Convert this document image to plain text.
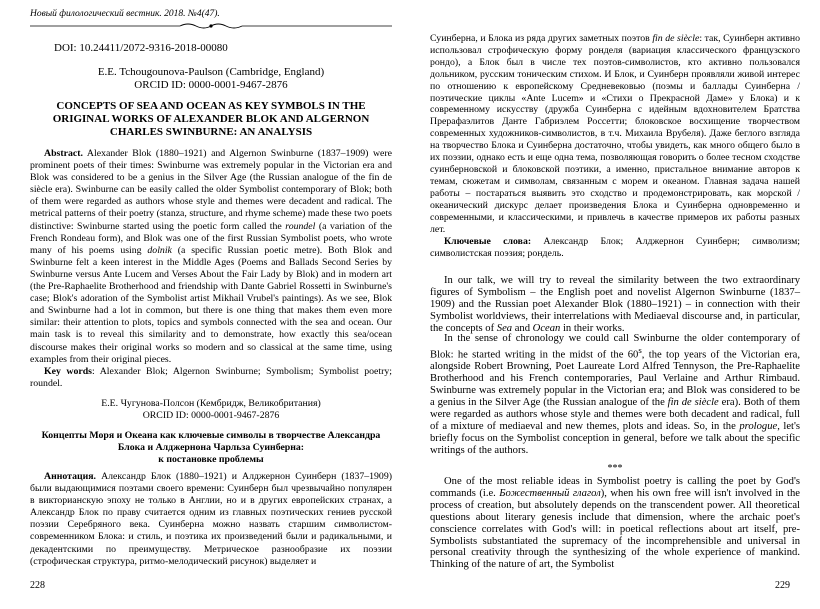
Новый филологический вестник. 2018. №4(47).
DOI: 10.24411/2072-9316-2018-00080
E.E. Tchougounova-Paulson (Cambridge, England)
ORCID ID: 0000-0001-9467-2876
CONCEPTS OF SEA AND OCEAN AS KEY SYMBOLS IN THE ORIGINAL WORKS OF ALEXANDER BLOK AND ALGERNON CHARLES SWINBURNE: AN ANALYSIS

Abstract. Alexander Blok (1880–1921) and Algernon Swinburne (1837–1909) were prominent poets of their times: Swinburne was extremely popular in the Victorian era and Blok was considered to be a genius in the Silver Age (the Russian analogue of the fin de siècle era). Swinburne can be easily called the older Symbolist contemporary of Blok; both of them were regarded as authors whose style and themes were decadent and radical. The metrical patterns of their poetry (stanza, structure, and rhyme scheme) made these two poets distinctive: Swinburne started using the poetic form called the roundel (a variation of the French Rondeau form), and Blok was one of the first Russian Symbolist poets, who wrote many of his poems using dolnik (a specific Russian poetic metre). Both Blok and Swinburne felt a keen interest in the Middle Ages (Poems and Ballads Second Series by Swinburne versus Ante Lucem and Verses About the Fair Lady by Blok) and in modern art (the Pre-Raphaelite Brotherhood and friendship with Dante Gabriel Rossetti in Swinburne's case; Blok's adoration of the Symbolist artist Mikhail Vrubel's paintings). As we see, Blok and Swinburne had a lot in common, but there is one thing that makes them even more similar: their attention to plots, topics and symbols connected with the sea and ocean. Our main task is to reveal this similarity and to demonstrate, how exactly this sea/ocean discourse makes their original works so modern and so classical at the same time, using examples from their original pieces.

Key words: Alexander Blok; Algernon Swinburne; Symbolism; Symbolist poetry; roundel.

Е.Е. Чугунова-Полсон (Кембридж, Великобритания)
ORCID ID: 0000-0001-9467-2876
Концепты Моря и Океана как ключевые символы в творчестве Александра Блока и Алджернона Чарльза Суинберна:
к постановке проблемы

Аннотация. Александр Блок (1880–1921) и Алджернон Суинберн (1837–1909) были выдающимися поэтами своего времени: Суинберн был чрезвычайно популярен в викторианскую эпоху не только в Англии, но и в других европейских странах, а Александр Блок по праву считается одним из главных поэтических гениев русской поэзии Серебряного века. Суинберна можно назвать старшим символистом-современником Блока: и стиль, и поэтика их произведений были и радикальными, и декадентскими по преимуществу. Метрическое разнообразие их поэзии (строфическая структура, ритмо-мелодический рисунок) выделяет и

228

Суинберна, и Блока из ряда других заметных поэтов fin de siècle: так, Суинберн активно использовал строфическую форму ронделя (вариация классического французского рондо), а Блок был в числе тех поэтов-символистов, кто активно пользовался дольником, русским тоническим стихом. И Блок, и Суинберн проявляли живой интерес по отношению к европейскому Средневековью (поэмы и баллады Суинберна / поэтические циклы «Ante Lucem» и «Стихи о Прекрасной Даме» у Блока) и к современному искусству (дружба Суинберна с идейным вдохновителем Братства Прерафаэлитов Данте Габриэлем Россетти; блоковское восхищение творчеством современных художников-символистов, в т.ч. Михаила Врубеля). Даже беглого взгляда на творчество Блока и Суинберна достаточно, чтобы увидеть, как много общего было в их поэзии, однако есть и еще одна тема, позволяющая говорить о более тесном сходстве суинберновской и блоковской поэтики, а именно, пристальное внимание авторов к темам, сюжетам и символам, связанным с морем и океаном. Главная задача нашей работы – постараться выявить это сходство и продемонстрировать, как морской / океанический дискурс делает произведения Блока и Суинберна одновременно и современными, и классическими, и привлечь в качестве примеров их работы разных лет.

Ключевые слова: Александр Блок; Алджернон Суинберн; символизм; символистская поэзия; рондель.

In our talk, we will try to reveal the similarity between the two extraordinary figures of Symbolism – the English poet and novelist Algernon Swinburne (1837–1909) and the Russian poet Alexander Blok (1880–1921) – in connection with their Symbolist worldviews, their interrelations with Mediaeval discourse and, in particular, the concepts of Sea and Ocean in their works.

In the sense of chronology we could call Swinburne the older contemporary of Blok: he started writing in the midst of the 60$^s$, the top years of the Victorian era, alongside Robert Browning, Poet Laureate Lord Alfred Tennyson, the Pre-Raphaelite Brotherhood and his French contemporaries, Paul Verlaine and Arthur Rimbaud. Swinburne was extremely popular in the Victorian era; and Blok was considered to be a genius in the Silver Age (the Russian analogue of the fin de siècle era). Both of them were regarded as authors whose style and themes were both decadent and radical, full of a mixture of mediaeval and new themes, plots and ideas. So, in the prologue, let's briefly focus on the Symbolist conception in general, before we talk about the specific writings of the authors.

***

One of the most reliable ideas in Symbolist poetry is calling the poet by God's commands (i.e. Божественный глагол), when his own free will isn't involved in the process of creation, but absolutely depends on the transcendent power. All theoretical questions about literary genesis include that dimension, where the archaic poet's conscience correlates with God's will: in poetical reflections about art itself, pre-Symbolists substantiated the supremacy of the incomprehensible and universal in personal creativity through the synthesizing of the whole experience of mankind. Thinking of the nature of art, the Symbolist

229
